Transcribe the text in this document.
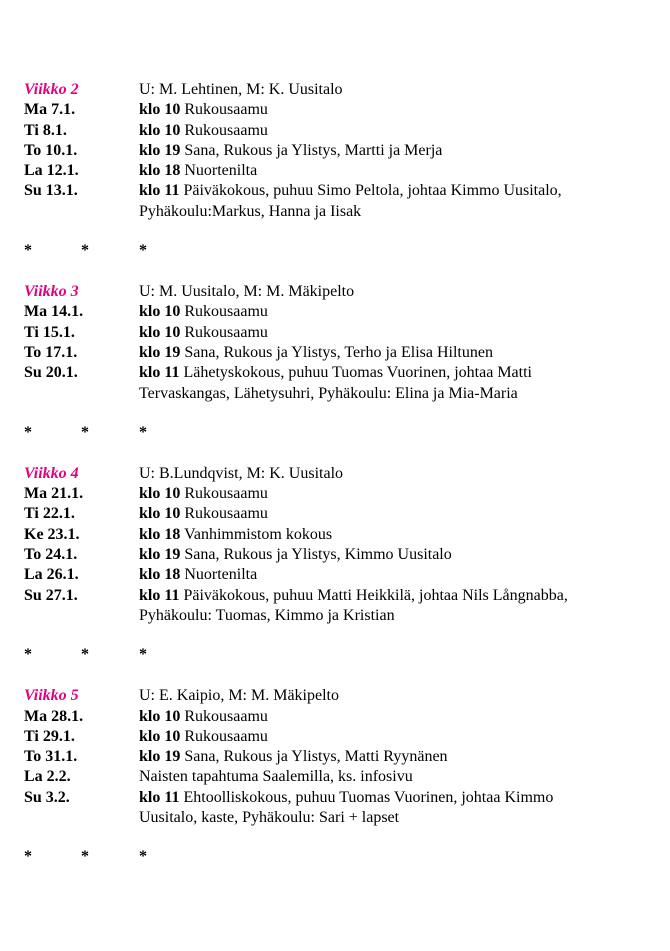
Viikko 2	U: M. Lehtinen, M: K. Uusitalo
Ma 7.1.	klo 10 Rukousaamu
Ti 8.1.	klo 10 Rukousaamu
To 10.1.	klo 19 Sana, Rukous ja Ylistys, Martti ja Merja
La 12.1.	klo 18 Nuortenilta
Su 13.1.	klo 11 Päiväkokous, puhuu Simo Peltola, johtaa Kimmo Uusitalo,
Pyhäkoulu:Markus, Hanna ja Iisak
*	*	*
Viikko 3	U: M. Uusitalo, M: M. Mäkipelto
Ma 14.1.	klo 10 Rukousaamu
Ti 15.1.	klo 10 Rukousaamu
To 17.1.	klo 19 Sana, Rukous ja Ylistys, Terho ja Elisa Hiltunen
Su 20.1.	klo 11 Lähetyskokous, puhuu Tuomas Vuorinen, johtaa Matti
Tervaskangas, Lähetysuhri, Pyhäkoulu: Elina ja Mia-Maria
*	*	*
Viikko 4	U: B.Lundqvist, M: K. Uusitalo
Ma 21.1.	klo 10 Rukousaamu
Ti 22.1.	klo 10 Rukousaamu
Ke 23.1.	klo 18 Vanhimmistom kokous
To 24.1.	klo 19 Sana, Rukous ja Ylistys, Kimmo Uusitalo
La 26.1.	klo 18 Nuortenilta
Su 27.1.	klo 11 Päiväkokous, puhuu Matti Heikkilä, johtaa Nils Långnabba,
Pyhäkoulu: Tuomas, Kimmo ja Kristian
*	*	*
Viikko 5	U: E. Kaipio, M: M. Mäkipelto
Ma 28.1.	klo 10 Rukousaamu
Ti 29.1.	klo 10 Rukousaamu
To 31.1.	klo 19 Sana, Rukous ja Ylistys, Matti Ryynänen
La 2.2.	Naisten tapahtuma Saalemilla, ks. infosivu
Su 3.2.	klo 11 Ehtoolliskokous, puhuu Tuomas Vuorinen, johtaa Kimmo
Uusitalo, kaste, Pyhäkoulu: Sari + lapset
*	*	*
